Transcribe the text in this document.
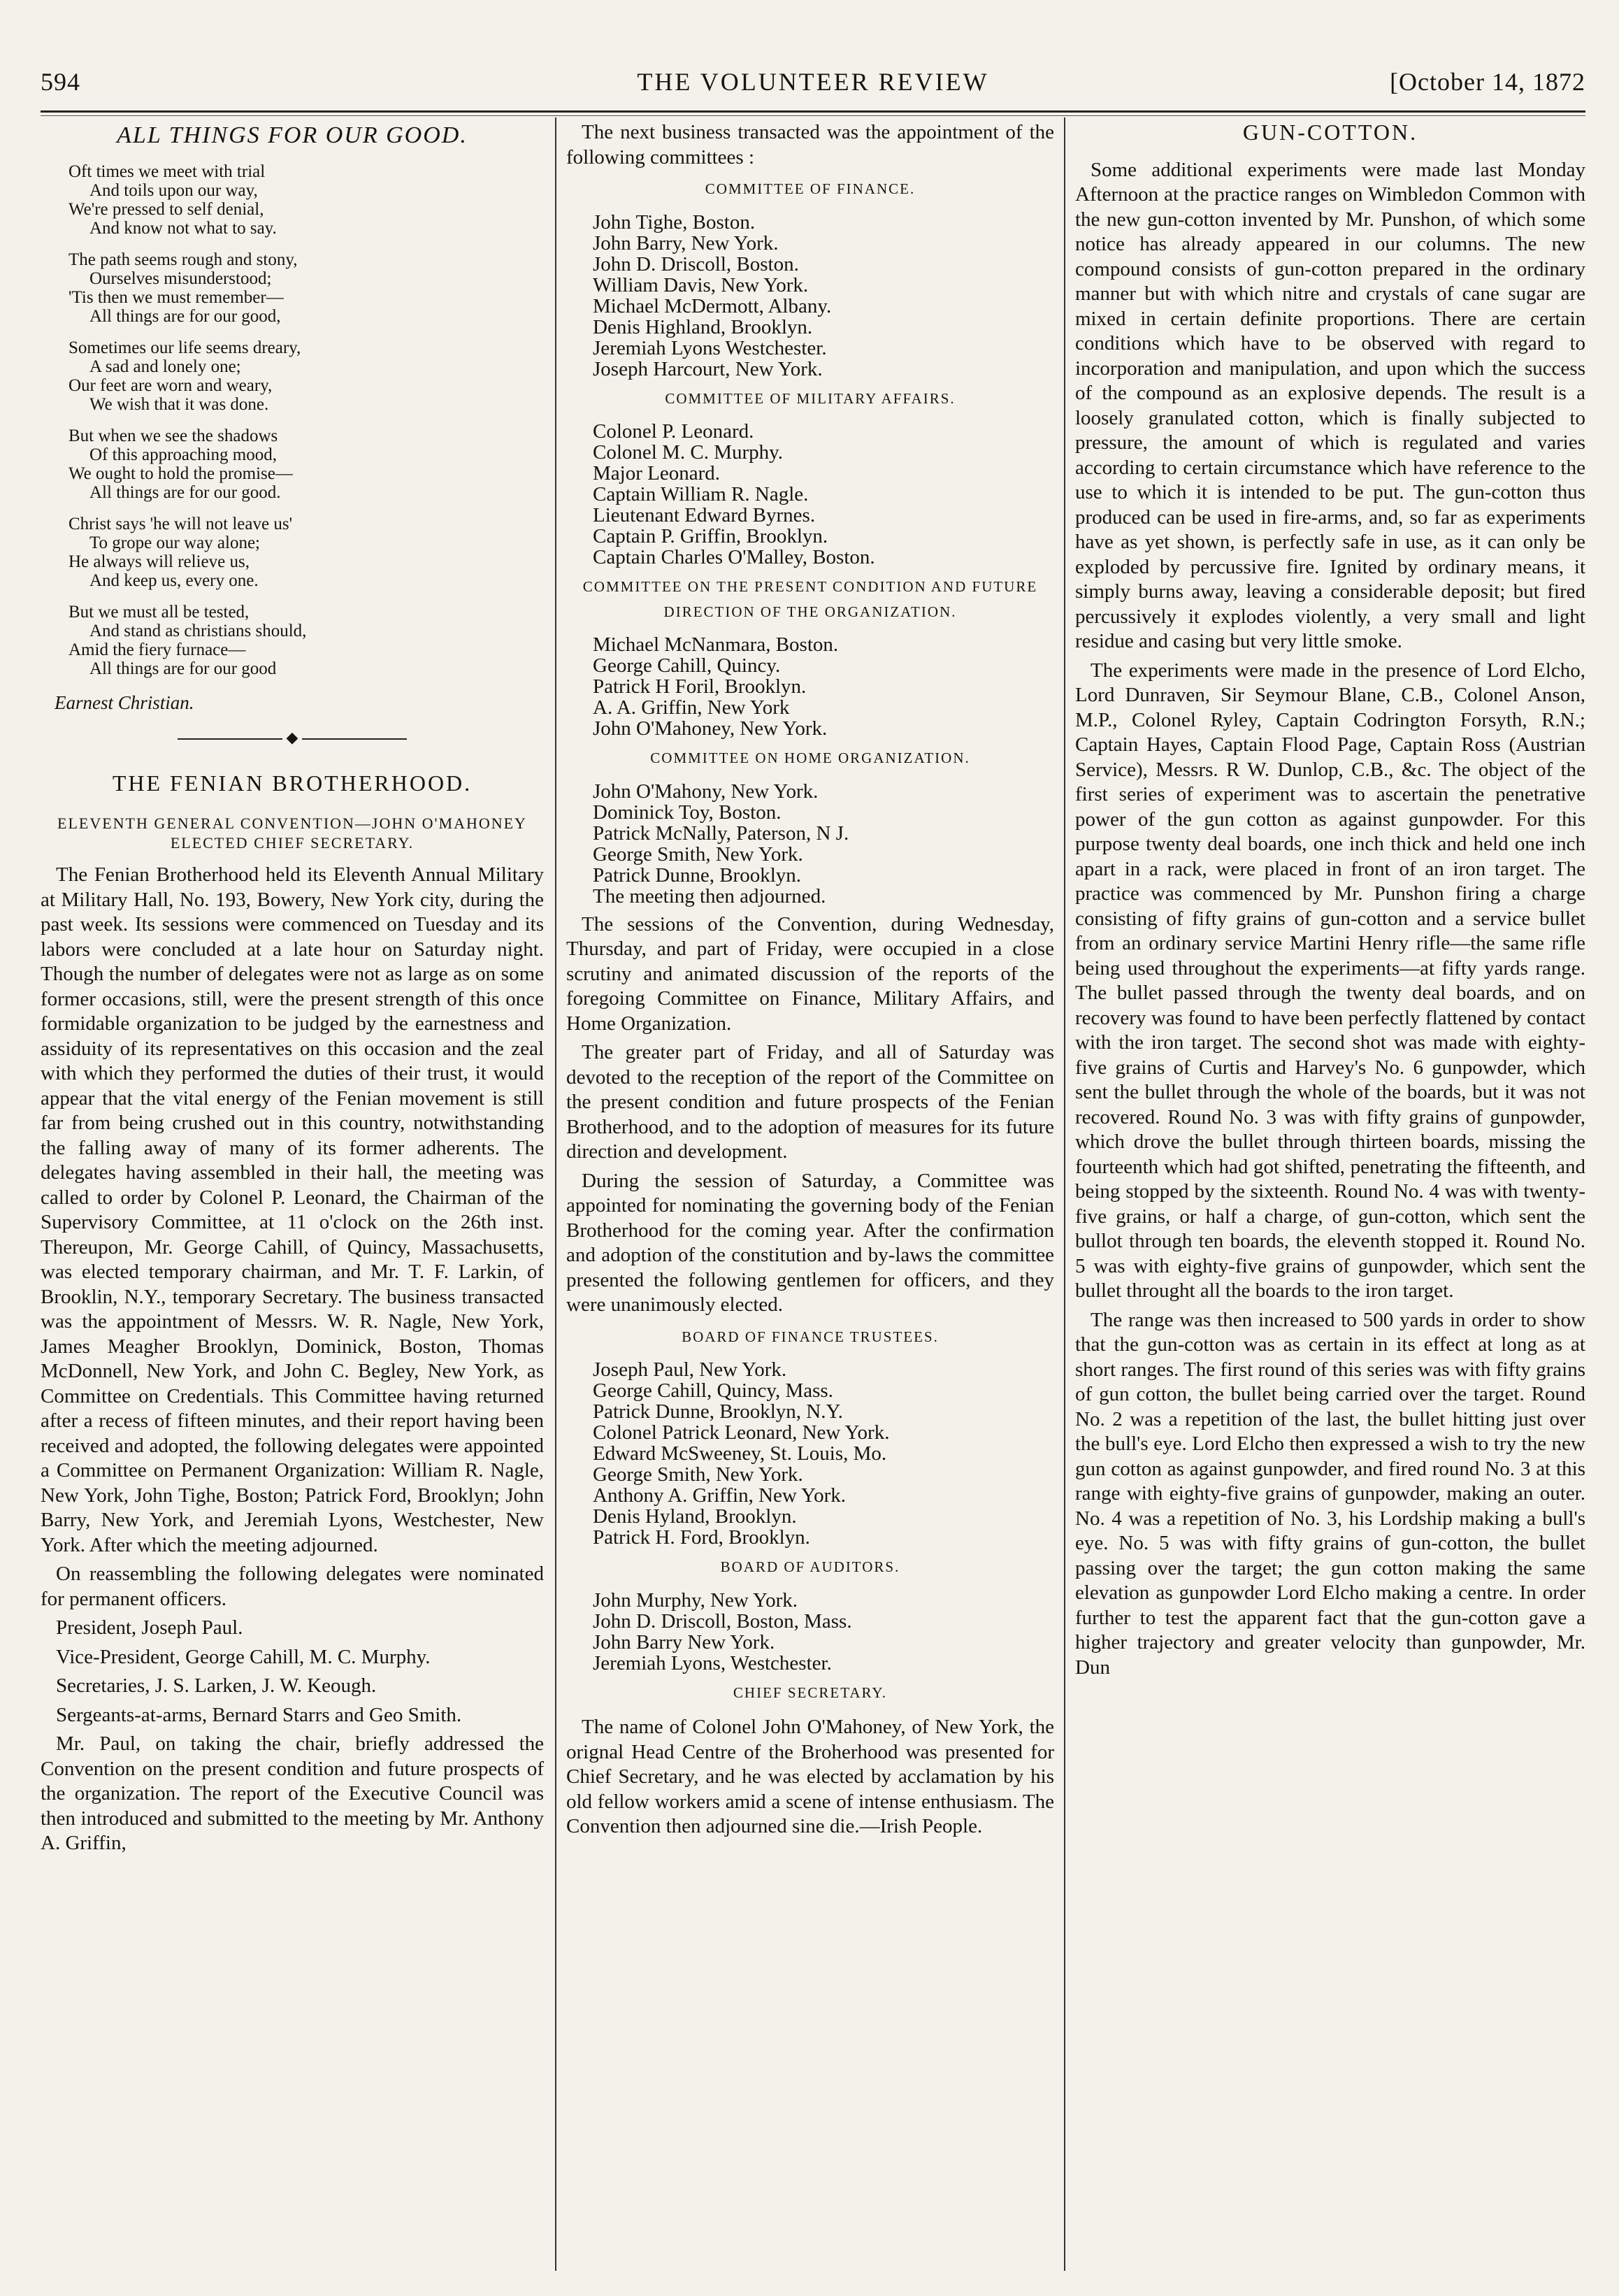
594	THE VOLUNTEER REVIEW	[October 14, 1872
ALL THINGS FOR OUR GOOD.
Oft times we meet with trial
And toils upon our way,
We're pressed to self denial,
And know not what to say.
The path seems rough and stony,
Ourselves misunderstood;
'Tis then we must remember—
All things are for our good,
Sometimes our life seems dreary,
A sad and lonely one;
Our feet are worn and weary,
We wish that it was done.
But when we see the shadows
Of this approaching mood,
We ought to hold the promise—
All things are for our good.
Christ says 'he will not leave us'
To grope our way alone;
He always will relieve us,
And keep us, every one.
But we must all be tested,
And stand as christians should,
Amid the fiery furnace—
All things are for our good
Earnest Christian.
◆
THE FENIAN BROTHERHOOD.
ELEVENTH GENERAL CONVENTION—JOHN O'MAHONEY ELECTED CHIEF SECRETARY.

The Fenian Brotherhood held its Eleventh Annual Military at Military Hall, No. 193, Bowery, New York city, during the past week. Its sessions were commenced on Tuesday and its labors were concluded at a late hour on Saturday night. Though the number of delegates were not as large as on some former occasions, still, were the present strength of this once formidable organization to be judged by the earnestness and assiduity of its representatives on this occasion and the zeal with which they performed the duties of their trust, it would appear that the vital energy of the Fenian movement is still far from being crushed out in this country, notwithstanding the falling away of many of its former adherents. The delegates having assembled in their hall, the meeting was called to order by Colonel P. Leonard, the Chairman of the Supervisory Committee, at 11 o'clock on the 26th inst. Thereupon, Mr. George Cahill, of Quincy, Massachusetts, was elected temporary chairman, and Mr. T. F. Larkin, of Brooklin, N.Y., temporary Secretary. The business transacted was the appointment of Messrs. W. R. Nagle, New York, James Meagher Brooklyn, Dominick, Boston, Thomas McDonnell, New York, and John C. Begley, New York, as Committee on Credentials. This Committee having returned after a recess of fifteen minutes, and their report having been received and adopted, the following delegates were appointed a Committee on Permanent Organization: William R. Nagle, New York, John Tighe, Boston; Patrick Ford, Brooklyn; John Barry, New York, and Jeremiah Lyons, Westchester, New York. After which the meeting adjourned.

On reassembling the following delegates were nominated for permanent officers.

President, Joseph Paul.

Vice-President, George Cahill, M. C. Murphy.

Secretaries, J. S. Larken, J. W. Keough.

Sergeants-at-arms, Bernard Starrs and Geo Smith.

Mr. Paul, on taking the chair, briefly addressed the Convention on the present condition and future prospects of the organization. The report of the Executive Council was then introduced and submitted to the meeting by Mr. Anthony A. Griffin,

The next business transacted was the appointment of the following committees :

COMMITTEE OF FINANCE.
John Tighe, Boston.
John Barry, New York.
John D. Driscoll, Boston.
William Davis, New York.
Michael McDermott, Albany.
Denis Highland, Brooklyn.
Jeremiah Lyons Westchester.
Joseph Harcourt, New York.
COMMITTEE OF MILITARY AFFAIRS.
Colonel P. Leonard.
Colonel M. C. Murphy.
Major Leonard.
Captain William R. Nagle.
Lieutenant Edward Byrnes.
Captain P. Griffin, Brooklyn.
Captain Charles O'Malley, Boston.
COMMITTEE ON THE PRESENT CONDITION AND FUTURE DIRECTION OF THE ORGANIZATION.
Michael McNanmara, Boston.
George Cahill, Quincy.
Patrick H Foril, Brooklyn.
A. A. Griffin, New York
John O'Mahoney, New York.
COMMITTEE ON HOME ORGANIZATION.
John O'Mahony, New York.
Dominick Toy, Boston.
Patrick McNally, Paterson, N J.
George Smith, New York.
Patrick Dunne, Brooklyn.
The meeting then adjourned.

The sessions of the Convention, during Wednesday, Thursday, and part of Friday, were occupied in a close scrutiny and animated discussion of the reports of the foregoing Committee on Finance, Military Affairs, and Home Organization.

The greater part of Friday, and all of Saturday was devoted to the reception of the report of the Committee on the present condition and future prospects of the Fenian Brotherhood, and to the adoption of measures for its future direction and development.

During the session of Saturday, a Committee was appointed for nominating the governing body of the Fenian Brotherhood for the coming year. After the confirmation and adoption of the constitution and by-laws the committee presented the following gentlemen for officers, and they were unanimously elected.

BOARD OF FINANCE TRUSTEES.
Joseph Paul, New York.
George Cahill, Quincy, Mass.
Patrick Dunne, Brooklyn, N.Y.
Colonel Patrick Leonard, New York.
Edward McSweeney, St. Louis, Mo.
George Smith, New York.
Anthony A. Griffin, New York.
Denis Hyland, Brooklyn.
Patrick H. Ford, Brooklyn.
BOARD OF AUDITORS.
John Murphy, New York.
John D. Driscoll, Boston, Mass.
John Barry New York.
Jeremiah Lyons, Westchester.
CHIEF SECRETARY.

The name of Colonel John O'Mahoney, of New York, the orignal Head Centre of the Broherhood was presented for Chief Secretary, and he was elected by acclamation by his old fellow workers amid a scene of intense enthusiasm. The Convention then adjourned sine die.—Irish People.

GUN-COTTON.

Some additional experiments were made last Monday Afternoon at the practice ranges on Wimbledon Common with the new gun-cotton invented by Mr. Punshon, of which some notice has already appeared in our columns. The new compound consists of gun-cotton prepared in the ordinary manner but with which nitre and crystals of cane sugar are mixed in certain definite proportions. There are certain conditions which have to be observed with regard to incorporation and manipulation, and upon which the success of the compound as an explosive depends. The result is a loosely granulated cotton, which is finally subjected to pressure, the amount of which is regulated and varies according to certain circumstance which have reference to the use to which it is intended to be put. The gun-cotton thus produced can be used in fire-arms, and, so far as experiments have as yet shown, is perfectly safe in use, as it can only be exploded by percussive fire. Ignited by ordinary means, it simply burns away, leaving a considerable deposit; but fired percussively it explodes violently, a very small and light residue and casing but very little smoke.

The experiments were made in the presence of Lord Elcho, Lord Dunraven, Sir Seymour Blane, C.B., Colonel Anson, M.P., Colonel Ryley, Captain Codrington Forsyth, R.N.; Captain Hayes, Captain Flood Page, Captain Ross (Austrian Service), Messrs. R W. Dunlop, C.B., &c. The object of the first series of experiment was to ascertain the penetrative power of the gun cotton as against gunpowder. For this purpose twenty deal boards, one inch thick and held one inch apart in a rack, were placed in front of an iron target. The practice was commenced by Mr. Punshon firing a charge consisting of fifty grains of gun-cotton and a service bullet from an ordinary service Martini Henry rifle—the same rifle being used throughout the experiments—at fifty yards range. The bullet passed through the twenty deal boards, and on recovery was found to have been perfectly flattened by contact with the iron target. The second shot was made with eighty-five grains of Curtis and Harvey's No. 6 gunpowder, which sent the bullet through the whole of the boards, but it was not recovered. Round No. 3 was with fifty grains of gunpowder, which drove the bullet through thirteen boards, missing the fourteenth which had got shifted, penetrating the fifteenth, and being stopped by the sixteenth. Round No. 4 was with twenty-five grains, or half a charge, of gun-cotton, which sent the bullot through ten boards, the eleventh stopped it. Round No. 5 was with eighty-five grains of gunpowder, which sent the bullet throught all the boards to the iron target.

The range was then increased to 500 yards in order to show that the gun-cotton was as certain in its effect at long as at short ranges. The first round of this series was with fifty grains of gun cotton, the bullet being carried over the target. Round No. 2 was a repetition of the last, the bullet hitting just over the bull's eye. Lord Elcho then expressed a wish to try the new gun cotton as against gunpowder, and fired round No. 3 at this range with eighty-five grains of gunpowder, making an outer. No. 4 was a repetition of No. 3, his Lordship making a bull's eye. No. 5 was with fifty grains of gun-cotton, the bullet passing over the target; the gun cotton making the same elevation as gunpowder Lord Elcho making a centre. In order further to test the apparent fact that the gun-cotton gave a higher trajectory and greater velocity than gunpowder, Mr. Dun
